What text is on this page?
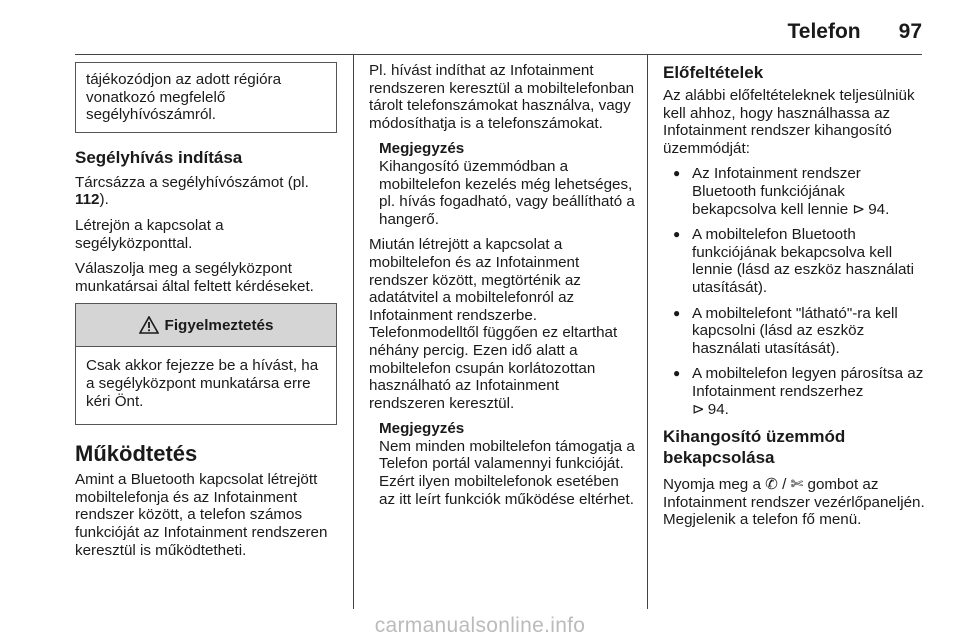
Telefon 97

tájékozódjon az adott régióra vonatkozó megfelelő segélyhívószámról.

Segélyhívás indítása

Tárcsázza a segélyhívószámot (pl. 112).

Létrejön a kapcsolat a segélyközponttal.

Válaszolja meg a segélyközpont munkatársai által feltett kérdéseket.

Figyelmeztetés

Csak akkor fejezze be a hívást, ha a segélyközpont munkatársa erre kéri Önt.

Működtetés

Amint a Bluetooth kapcsolat létrejött mobiltelefonja és az Infotainment rendszer között, a telefon számos funkcióját az Infotainment rendszeren keresztül is működtetheti.

Pl. hívást indíthat az Infotainment rendszeren keresztül a mobiltelefonban tárolt telefonszámokat használva, vagy módosíthatja is a telefonszámokat.

Megjegyzés
Kihangosító üzemmódban a mobiltelefon kezelés még lehetséges, pl. hívás fogadható, vagy beállítható a hangerő.

Miután létrejött a kapcsolat a mobiltelefon és az Infotainment rendszer között, megtörténik az adatátvitel a mobiltelefonról az Infotainment rendszerbe. Telefonmodelltől függően ez eltarthat néhány percig. Ezen idő alatt a mobiltelefon csupán korlátozottan használható az Infotainment rendszeren keresztül.

Megjegyzés
Nem minden mobiltelefon támogatja a Telefon portál valamennyi funkcióját. Ezért ilyen mobiltelefonok esetében az itt leírt funkciók működése eltérhet.
Előfeltételek

Az alábbi előfeltételeknek teljesülniük kell ahhoz, hogy használhassa az Infotainment rendszer kihangosító üzemmódját:

● Az Infotainment rendszer Bluetooth funkciójának bekapcsolva kell lennie ⊳ 94.
● A mobiltelefon Bluetooth funkciójának bekapcsolva kell lennie (lásd az eszköz használati utasítását).
● A mobiltelefont "látható"-ra kell kapcsolni (lásd az eszköz használati utasítását).
● A mobiltelefon legyen párosítsa az Infotainment rendszerhez
⊳ 94.
Kihangosító üzemmód bekapcsolása

Nyomja meg a ✆ / ✄ gombot az Infotainment rendszer vezérlőpaneljén. Megjelenik a telefon fő menü.

carmanualsonline.info
